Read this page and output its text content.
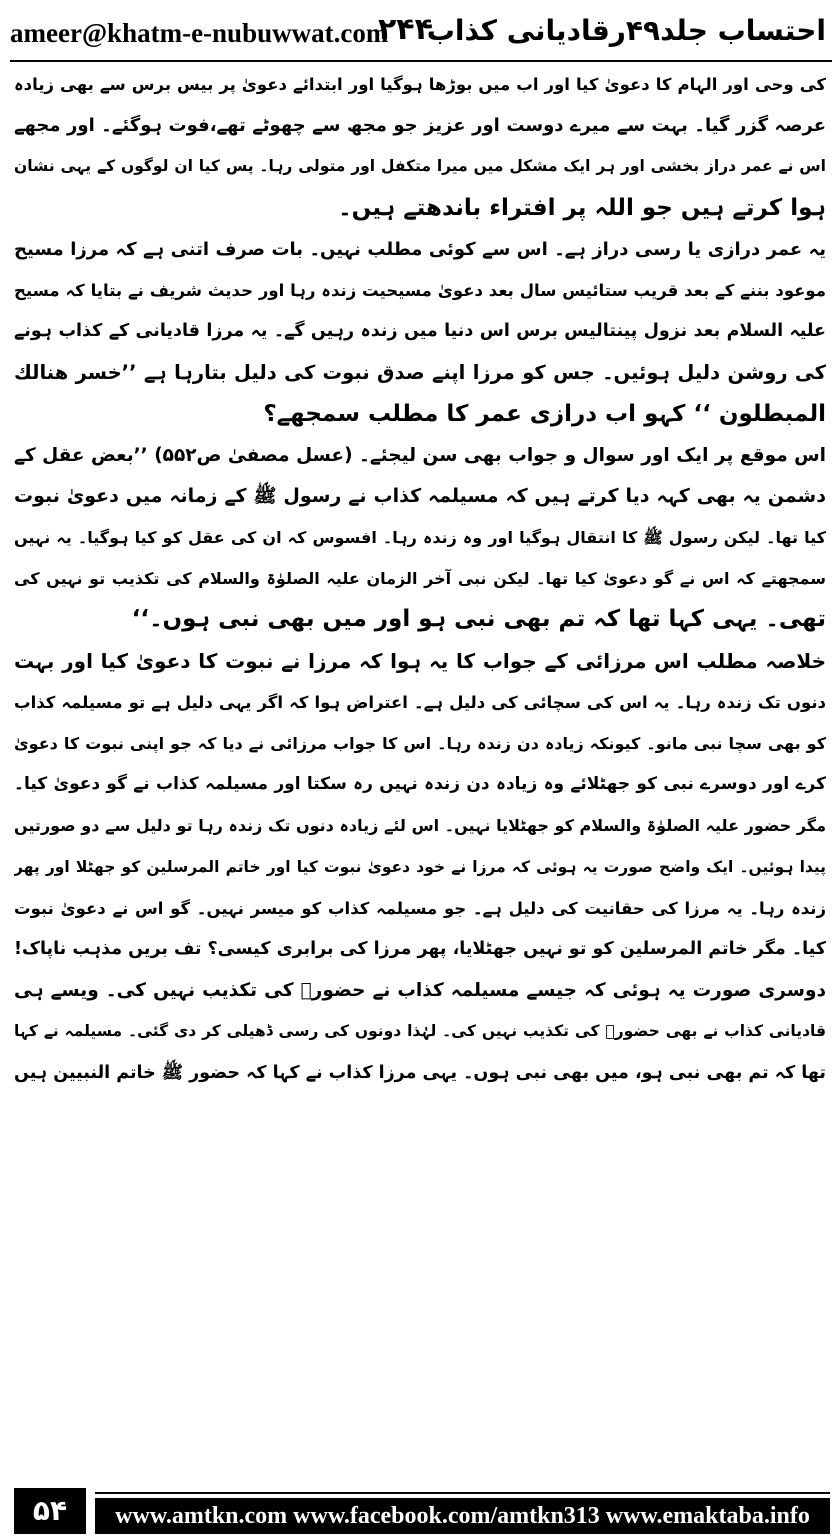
ameer@khatm-e-nubuwwat.com
۲۴۴
احتساب جلد۴۹رقادیانی کذاب
کی وحی اور الہام کا دعویٰ کیا اور اب میں بوڑھا ہوگیا اور ابتدائے دعویٰ پر بیس برس سے بھی زیادہ
عرصہ گزر گیا۔ بہت سے میرے دوست اور عزیز جو مجھ سے چھوٹے تھے،فوت ہوگئے۔ اور مجھے
اس نے عمر دراز بخشی اور ہر ایک مشکل میں میرا متکفل اور متولی رہا۔ پس کیا ان لوگوں کے یہی نشان
ہوا کرتے ہیں جو اللہ پر افتراء باندھتے ہیں۔
یہ عمر درازی یا رسی دراز ہے۔ اس سے کوئی مطلب نہیں۔ بات صرف اتنی ہے کہ مرزا مسیح
موعود بننے کے بعد قریب ستائیس سال بعد دعویٰ مسیحیت زندہ رہا اور حدیث شریف نے بتایا کہ مسیح
علیہ السلام بعد نزول پینتالیس برس اس دنیا میں زندہ رہیں گے۔ یہ مرزا قادیانی کے کذاب ہونے
کی روشن دلیل ہوئیں۔ جس کو مرزا اپنے صدق نبوت کی دلیل بتارہا ہے ’’خسر ھنالك
المبطلون ‘‘ کہو اب درازی عمر کا مطلب سمجھے؟
اس موقع پر ایک اور سوال و جواب بھی سن لیجئے۔ (عسل مصفیٰ ص۵۵۲) ’’بعض عقل کے
دشمن یہ بھی کہہ دیا کرتے ہیں کہ مسیلمہ کذاب نے رسول ﷺ کے زمانہ میں دعویٰ نبوت
کیا تھا۔ لیکن رسول ﷺ کا انتقال ہوگیا اور وہ زندہ رہا۔ افسوس کہ ان کی عقل کو کیا ہوگیا۔ یہ نہیں
سمجھتے کہ اس نے گو دعویٰ کیا تھا۔ لیکن نبی آخر الزمان علیہ الصلوٰۃ والسلام کی تکذیب تو نہیں کی
تھی۔ یہی کہا تھا کہ تم بھی نبی ہو اور میں بھی نبی ہوں۔‘‘
خلاصہ مطلب اس مرزائی کے جواب کا یہ ہوا کہ مرزا نے نبوت کا دعویٰ کیا اور بہت
دنوں تک زندہ رہا۔ یہ اس کی سچائی کی دلیل ہے۔ اعتراض ہوا کہ اگر یہی دلیل ہے تو مسیلمہ کذاب
کو بھی سچا نبی مانو۔ کیونکہ زیادہ دن زندہ رہا۔ اس کا جواب مرزائی نے دیا کہ جو اپنی نبوت کا دعویٰ
کرے اور دوسرے نبی کو جھٹلائے وہ زیادہ دن زندہ نہیں رہ سکتا اور مسیلمہ کذاب نے گو دعویٰ کیا۔
مگر حضور علیہ الصلوٰۃ والسلام کو جھٹلایا نہیں۔ اس لئے زیادہ دنوں تک زندہ رہا تو دلیل سے دو صورتیں
پیدا ہوئیں۔ ایک واضح صورت یہ ہوئی کہ مرزا نے خود دعویٰ نبوت کیا اور خاتم المرسلین کو جھٹلا اور پھر
زندہ رہا۔ یہ مرزا کی حقانیت کی دلیل ہے۔ جو مسیلمہ کذاب کو میسر نہیں۔ گو اس نے دعویٰ نبوت
کیا۔ مگر خاتم المرسلین کو تو نہیں جھٹلایا، پھر مرزا کی برابری کیسی؟ تف بریں مذہب ناپاک!
دوسری صورت یہ ہوئی کہ جیسے مسیلمہ کذاب نے حضورؐ کی تکذیب نہیں کی۔ ویسے ہی
قادیانی کذاب نے بھی حضورؐ کی تکذیب نہیں کی۔ لہٰذا دونوں کی رسی ڈھیلی کر دی گئی۔ مسیلمہ نے کہا
تھا کہ تم بھی نبی ہو، میں بھی نبی ہوں۔ یہی مرزا کذاب نے کہا کہ حضور ﷺ خاتم النبیین ہیں
۵۴	www.amtkn.com www.facebook.com/amtkn313 www.emaktaba.info
